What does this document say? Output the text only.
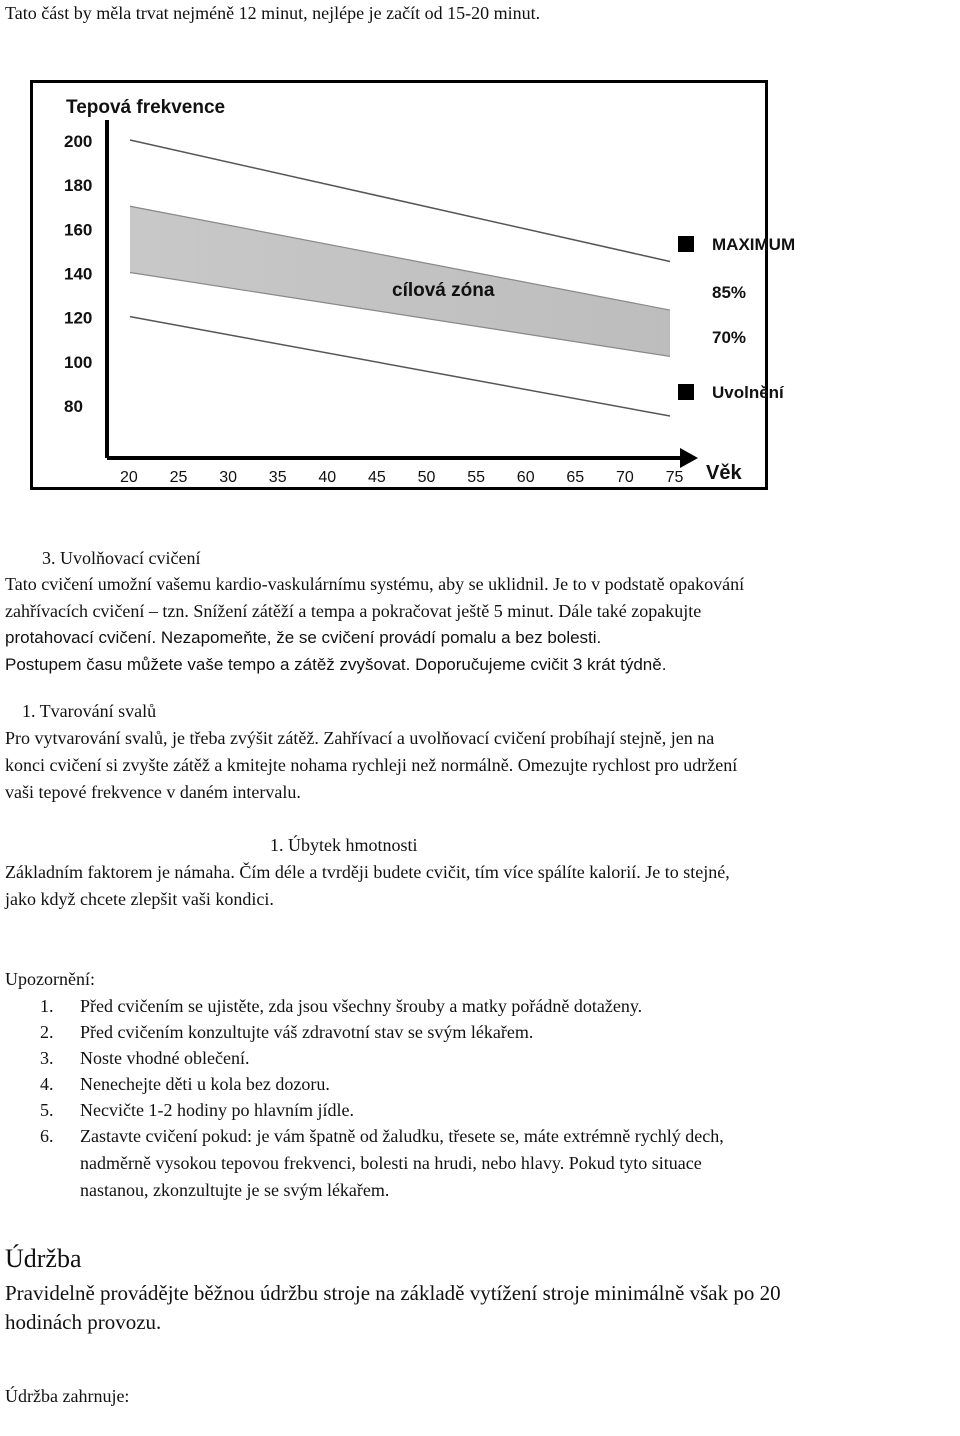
Tato část by měla trvat nejméně 12 minut, nejlépe je začít od 15-20 minut.
cílová zóna
Tepová frekvence
200
180
160
140
120
100
80
20 25 30 35 40 45 50 55 60 65 70 75 Věk
MAXIMUM
85%
70%
Uvolnění
3. Uvolňovací cvičení
Tato cvičení umožní vašemu kardio-vaskulárnímu systému, aby se uklidnil. Je to v podstatě opakování
zahřívacích cvičení – tzn. Snížení zátěží a tempa a pokračovat ještě 5 minut. Dále také zopakujte
protahovací cvičení. Nezapomeňte, že se cvičení provádí pomalu a bez bolesti.
Postupem času můžete vaše tempo a zátěž zvyšovat. Doporučujeme cvičit 3 krát týdně.
1. Tvarování svalů
Pro vytvarování svalů, je třeba zvýšit zátěž. Zahřívací a uvolňovací cvičení probíhají stejně, jen na
konci cvičení si zvyšte zátěž a kmitejte nohama rychleji než normálně. Omezujte rychlost pro udržení
vaši tepové frekvence v daném intervalu.
1. Úbytek hmotnosti
Základním faktorem je námaha. Čím déle a tvrději budete cvičit, tím více spálíte kalorií. Je to stejné,
jako když chcete zlepšit vaši kondici.
Upozornění:
1. Před cvičením se ujistěte, zda jsou všechny šrouby a matky pořádně dotaženy.
2. Před cvičením konzultujte váš zdravotní stav se svým lékařem.
3. Noste vhodné oblečení.
4. Nenechejte děti u kola bez dozoru.
5. Necvičte 1-2 hodiny po hlavním jídle.
6. Zastavte cvičení pokud: je vám špatně od žaludku, třesete se, máte extrémně rychlý dech,
nadměrně vysokou tepovou frekvenci, bolesti na hrudi, nebo hlavy. Pokud tyto situace
nastanou, zkonzultujte je se svým lékařem.
Údržba
Pravidelně provádějte běžnou údržbu stroje na základě vytížení stroje minimálně však po 20
hodinách provozu.
Údržba zahrnuje:
